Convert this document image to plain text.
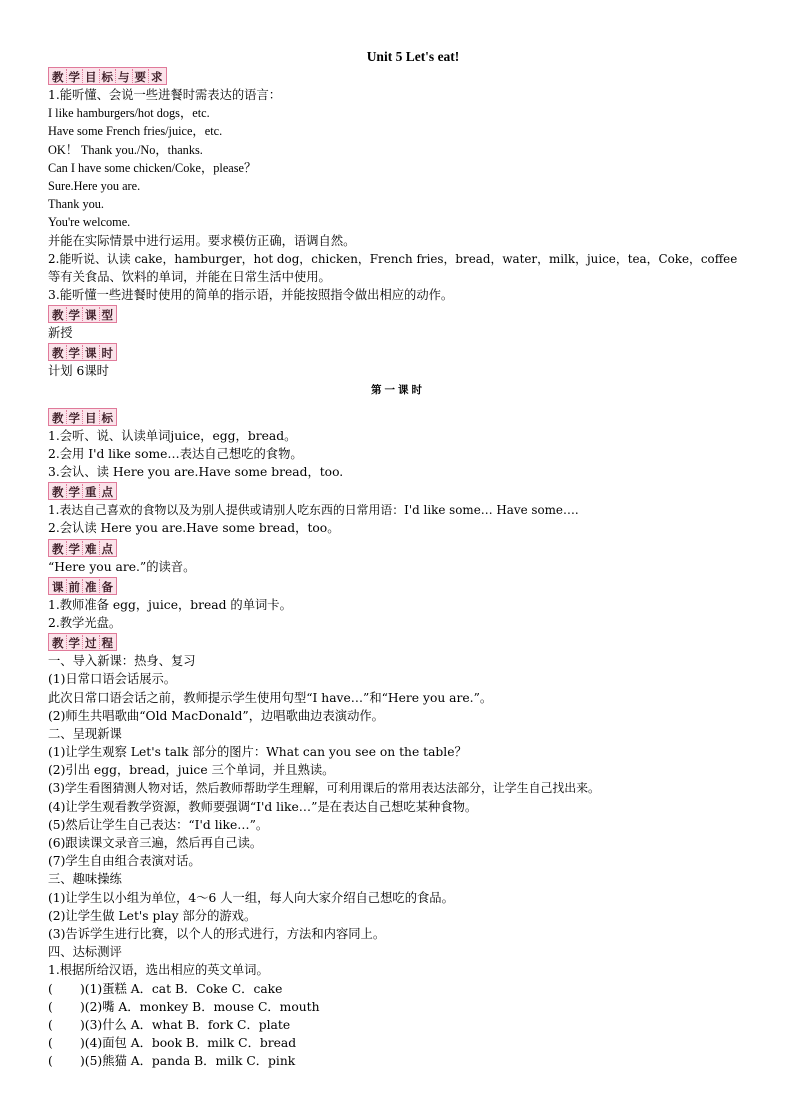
Unit 5 Let's eat!
教 学 目 标 与 要 求
1.能听懂、会说一些进餐时需表达的语言：
I like hamburgers/hot dogs，etc.
Have some French fries/juice，etc.
OK！ Thank you./No，thanks.
Can I have some chicken/Coke，please？
Sure.Here you are.
Thank you.
You're welcome.
并能在实际情景中进行运用。要求模仿正确，语调自然。
2.能听说、认读 cake，hamburger，hot dog，chicken，French fries，bread，water，milk，juice，tea，Coke，coffee
等有关食品、饮料的单词，并能在日常生活中使用。
3.能听懂一些进餐时使用的简单的指示语，并能按照指令做出相应的动作。
教 学 课 型
新授
教 学 课 时
计划 6课时
第一课时
教 学 目 标
1.会听、说、认读单词juice，egg，bread。
2.会用 I'd like some…表达自己想吃的食物。
3.会认、读 Here you are.Have some bread，too.
教 学 重 点
1.表达自己喜欢的食物以及为别人提供或请别人吃东西的日常用语：I'd like some… Have some….
2.会认读 Here you are.Have some bread，too。
教 学 难 点
“Here you are.”的读音。
课 前 准 备
1.教师准备 egg，juice，bread 的单词卡。
2.教学光盘。
教 学 过 程
一、导入新课：热身、复习
(1)日常口语会话展示。
此次日常口语会话之前，教师提示学生使用句型“I have…”和“Here you are.”。
(2)师生共唱歌曲“Old MacDonald”，边唱歌曲边表演动作。
二、呈现新课
(1)让学生观察 Let's talk 部分的图片：What can you see on the table？
(2)引出 egg，bread，juice 三个单词，并且熟读。
(3)学生看图猜测人物对话，然后教师帮助学生理解，可利用课后的常用表达法部分，让学生自己找出来。
(4)让学生观看教学资源，教师要强调“I'd like…”是在表达自己想吃某种食物。
(5)然后让学生自己表达：“I'd like…”。
(6)跟读课文录音三遍，然后再自己读。
(7)学生自由组合表演对话。
三、趣味操练
(1)让学生以小组为单位，4～6 人一组，每人向大家介绍自己想吃的食品。
(2)让学生做 Let's play 部分的游戏。
(3)告诉学生进行比赛，以个人的形式进行，方法和内容同上。
四、达标测评
1.根据所给汉语，选出相应的英文单词。
( )(1)蛋糕 A．cat B．Coke C．cake
( )(2)嘴 A．monkey B．mouse C．mouth
( )(3)什么 A．what B．fork C．plate
( )(4)面包 A．book B．milk C．bread
( )(5)熊猫 A．panda B．milk C．pink
